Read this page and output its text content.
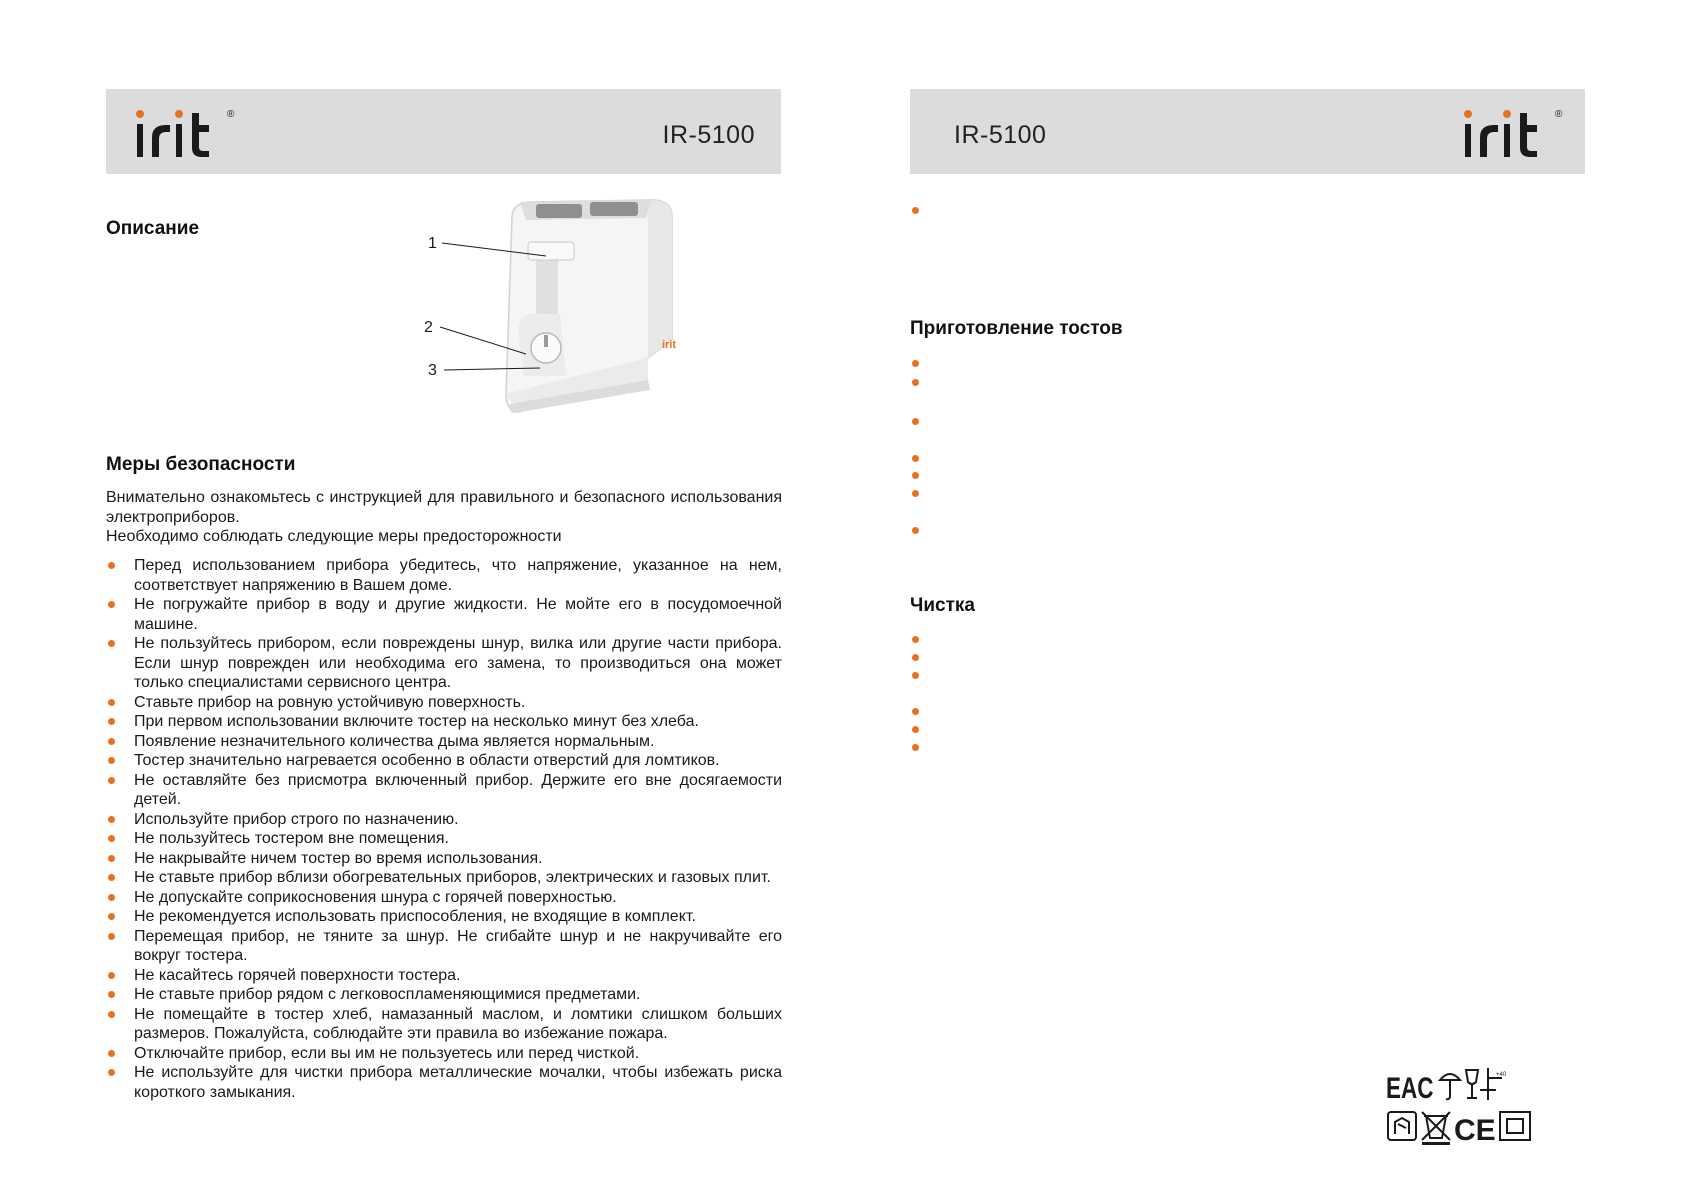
®
IR-5100	IR-5100
®
Описание
irit
1
2
3
Меры безопасности

Внимательно ознакомьтесь с инструкцией для правильного и безопасного использования электроприборов.

Необходимо соблюдать следующие меры предосторожности

Перед использованием прибора убедитесь, что напряжение, указанное на нем, соответствует напряжению в Вашем доме.
Не погружайте прибор в воду и другие жидкости. Не мойте его в посудомоечной машине.
Не пользуйтесь прибором, если повреждены шнур, вилка или другие части прибора. Если шнур поврежден или необходима его замена, то производиться она может только специалистами сервисного центра.
Ставьте прибор на ровную устойчивую поверхность.
При первом использовании включите тостер на несколько минут без хлеба.
Появление незначительного количества дыма является нормальным.
Тостер значительно нагревается особенно в области отверстий для ломтиков.
Не оставляйте без присмотра включенный прибор. Держите его вне досягаемости детей.
Используйте прибор строго по назначению.
Не пользуйтесь тостером вне помещения.
Не накрывайте ничем тостер во время использования.
Не ставьте прибор вблизи обогревательных приборов, электрических и газовых плит.
Не допускайте соприкосновения шнура с горячей поверхностью.
Не рекомендуется использовать приспособления, не входящие в комплект.
Перемещая прибор, не тяните за шнур. Не сгибайте шнур и не накручивайте его вокруг тостера.
Не касайтесь горячей поверхности тостера.
Не ставьте прибор рядом с легковоспламеняющимися предметами.
Не помещайте в тостер хлеб, намазанный маслом, и ломтики слишком больших размеров. Пожалуйста, соблюдайте эти правила во избежание пожара.
Отключайте прибор, если вы им не пользуетесь или перед чисткой.
Не используйте для чистки прибора металлические мочалки, чтобы избежать риска короткого замыкания.
Приготовление тостов
Чистка
EAC	+40
CE
